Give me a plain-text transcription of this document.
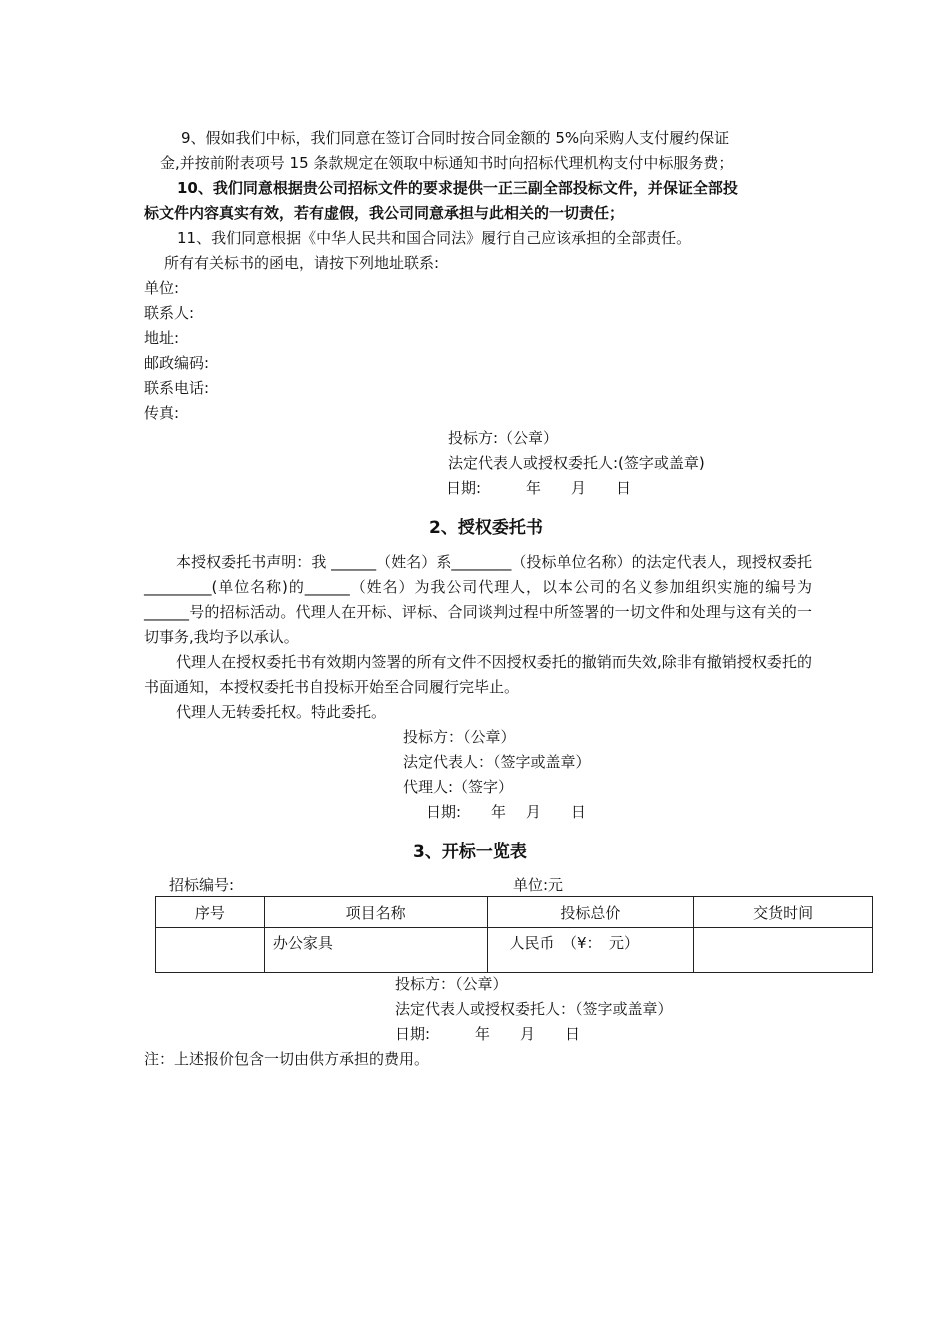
9、假如我们中标，我们同意在签订合同时按合同金额的 5%向采购人支付履约保证
金,并按前附表项号 15 条款规定在领取中标通知书时向招标代理机构支付中标服务费；
10、我们同意根据贵公司招标文件的要求提供一正三副全部投标文件，并保证全部投
标文件内容真实有效，若有虚假，我公司同意承担与此相关的一切责任；
11、我们同意根据《中华人民共和国合同法》履行自己应该承担的全部责任。
所有有关标书的函电，请按下列地址联系:
单位:
联系人:
地址:
邮政编码:
联系电话:
传真:
投标方:（公章）
法定代表人或授权委托人:(签字或盖章)
日期:　　　年　　月　　日
2、授权委托书
本授权委托书声明：我 ______（姓名）系________（投标单位名称）的法定代表人，现授权委托_________(单位名称)的______（姓名）为我公司代理人，以本公司的名义参加组织实施的编号为______号的招标活动。代理人在开标、评标、合同谈判过程中所签署的一切文件和处理与这有关的一切事务,我均予以承认。
代理人在授权委托书有效期内签署的所有文件不因授权委托的撤销而失效,除非有撤销授权委托的书面通知，本授权委托书自投标开始至合同履行完毕止。
代理人无转委托权。特此委托。
投标方：（公章）
法定代表人：（签字或盖章）
代理人:（签字）
日期:　　年　 月　　日
3、开标一览表
招标编号:	单位:元
序号	项目名称	投标总价	交货时间
	办公家具	人民币　（¥：　元）	
投标方：（公章）
法定代表人或授权委托人：（签字或盖章）
日期:　　　年　　月　　日
注：上述报价包含一切由供方承担的费用。
